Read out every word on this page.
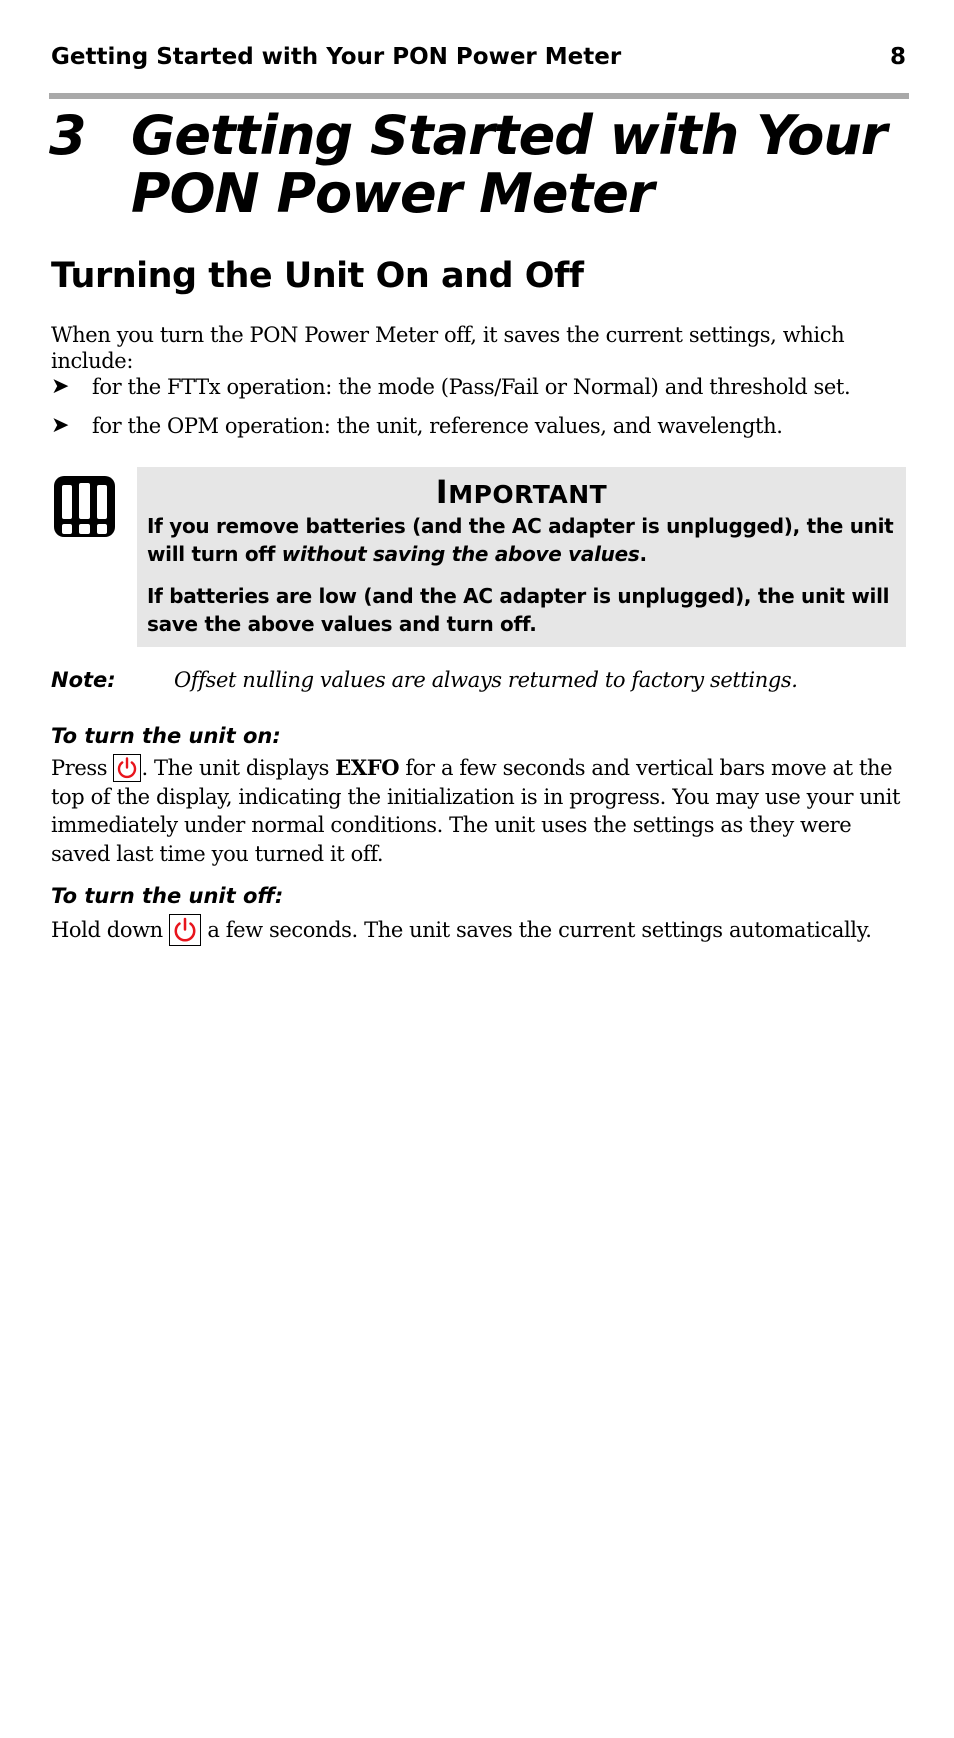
Getting Started with Your PON Power Meter	8
3 Getting Started with Your
PON Power Meter
Turning the Unit On and Off
When you turn the PON Power Meter off, it saves the current settings, which include:
➤ for the FTTx operation: the mode (Pass/Fail or Normal) and threshold set.
➤ for the OPM operation: the unit, reference values, and wavelength.
IMPORTANT
If you remove batteries (and the AC adapter is unplugged), the unit will turn off without saving the above values.
If batteries are low (and the AC adapter is unplugged), the unit will save the above values and turn off.
Note:	Offset nulling values are always returned to factory settings.
To turn the unit on:
Press
. The unit displays EXFO for a few seconds and vertical bars move at the top of the display, indicating the initialization is in progress. You may use your unit immediately under normal conditions. The unit uses the settings as they were saved last time you turned it off.
To turn the unit off:
Hold down
a few seconds. The unit saves the current settings automatically.
